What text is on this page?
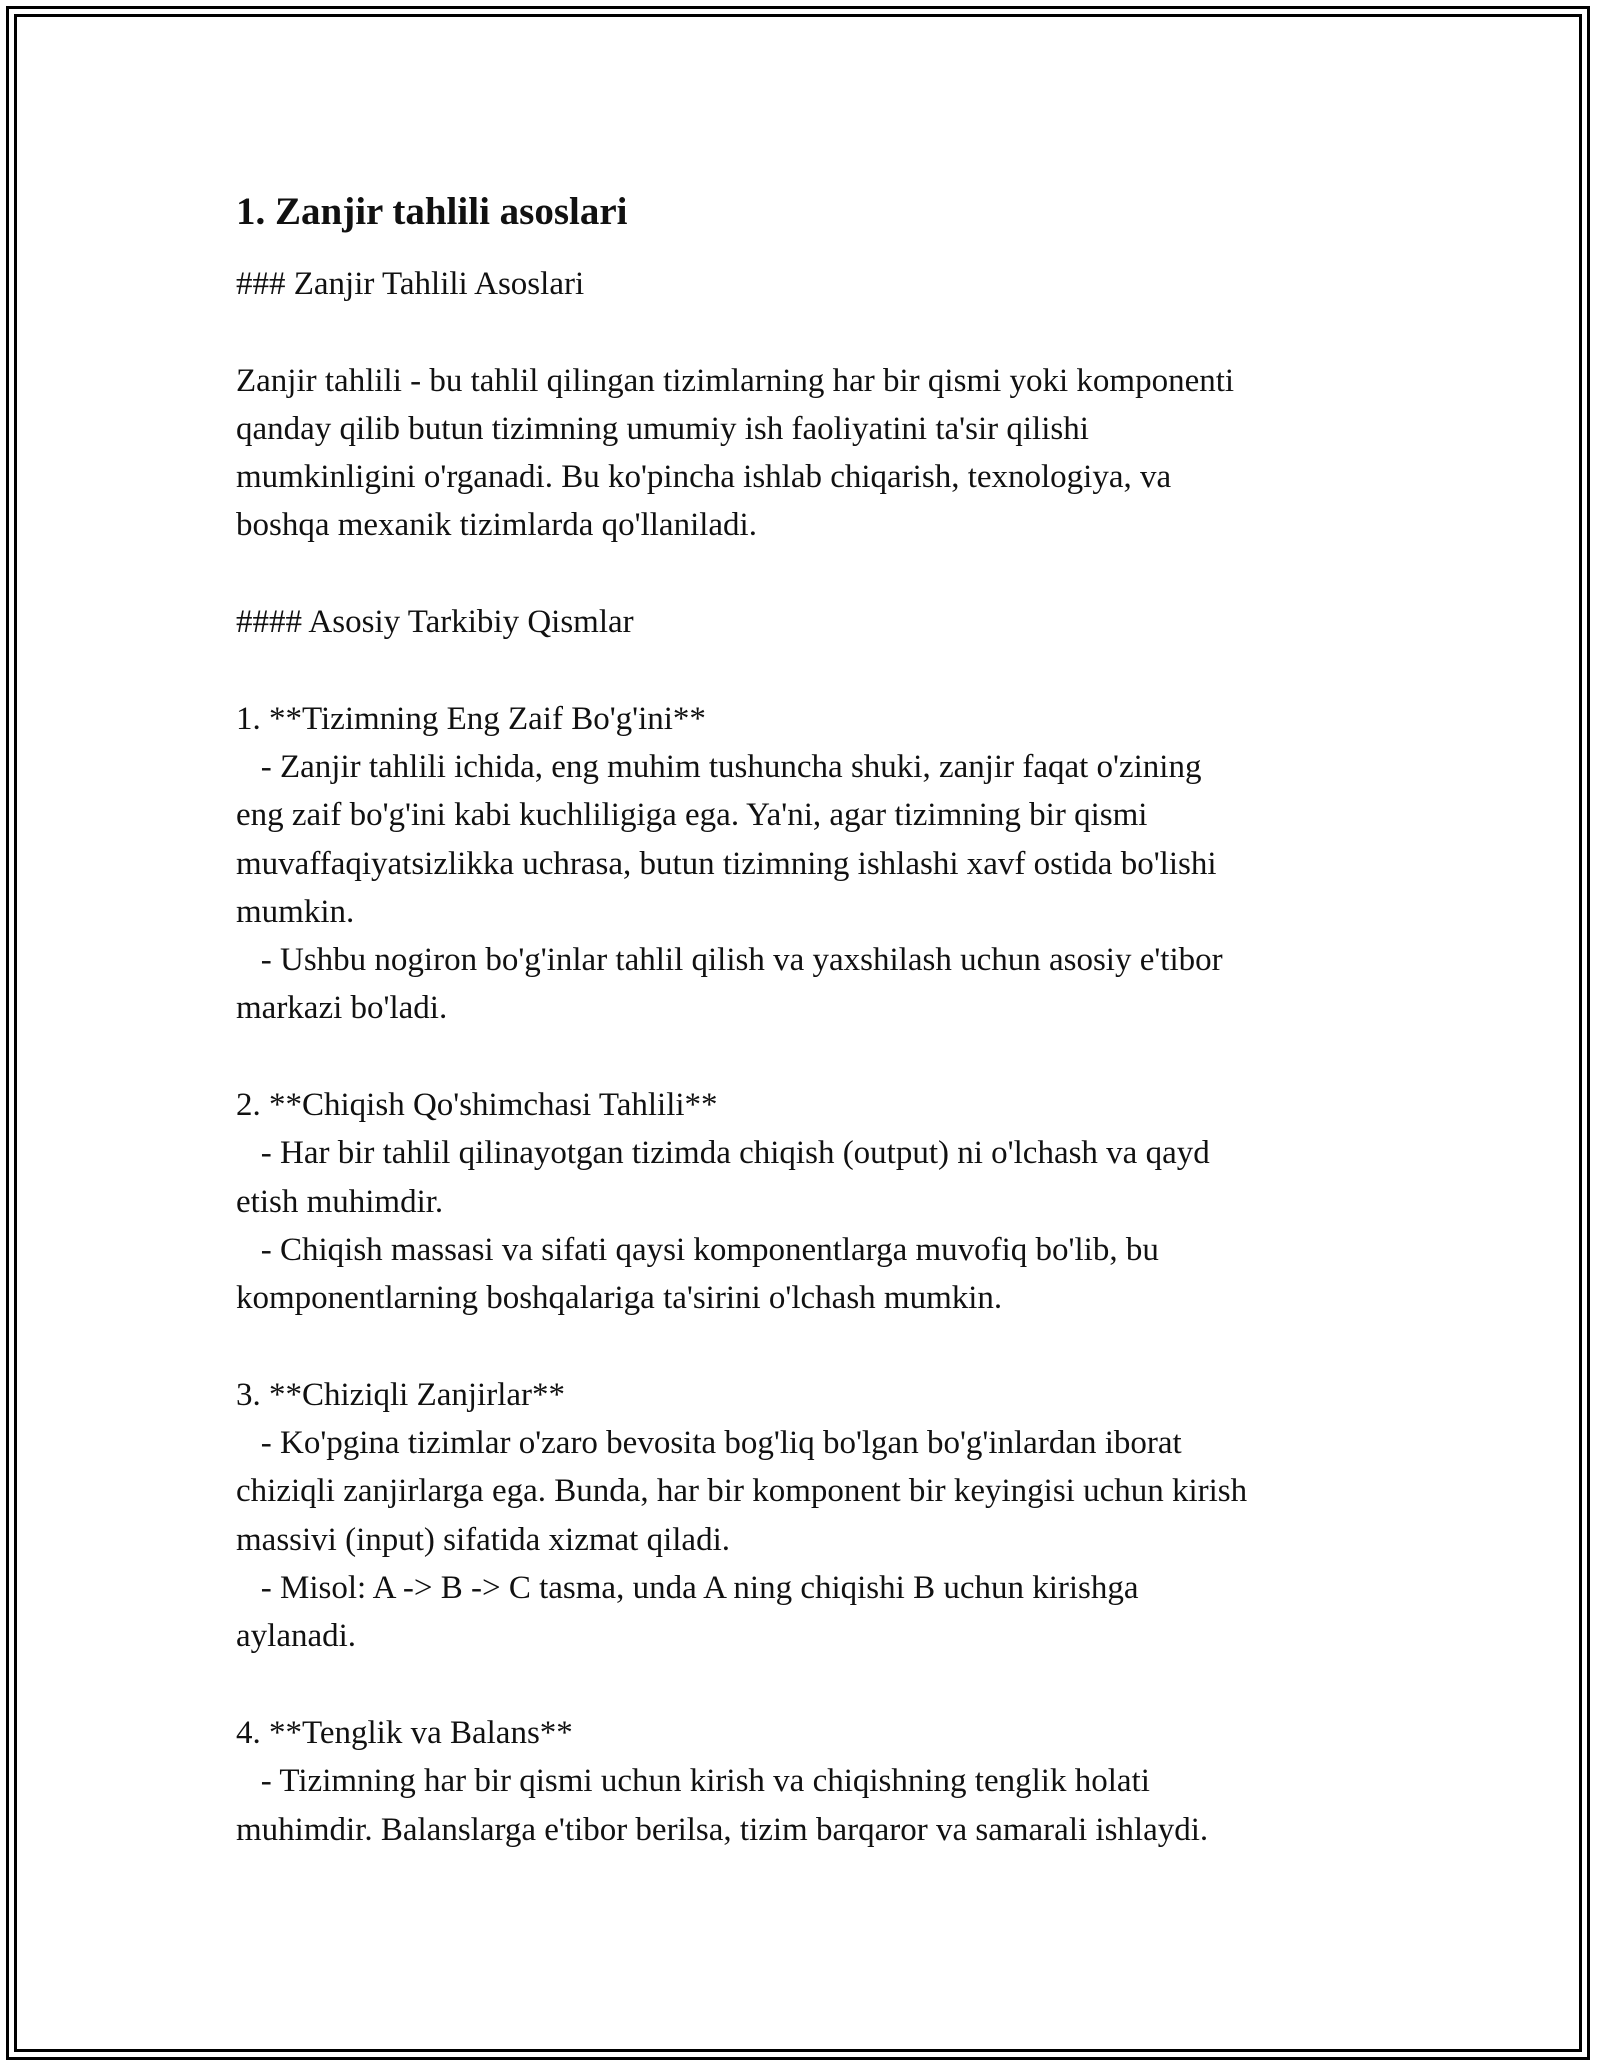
1. Zanjir tahlili asoslari

### Zanjir Tahlili Asoslari

Zanjir tahlili - bu tahlil qilingan tizimlarning har bir qismi yoki komponenti

qanday qilib butun tizimning umumiy ish faoliyatini ta'sir qilishi

mumkinligini o'rganadi. Bu ko'pincha ishlab chiqarish, texnologiya, va

boshqa mexanik tizimlarda qo'llaniladi.

#### Asosiy Tarkibiy Qismlar

1. **Tizimning Eng Zaif Bo'g'ini**

- Zanjir tahlili ichida, eng muhim tushuncha shuki, zanjir faqat o'zining

eng zaif bo'g'ini kabi kuchliligiga ega. Ya'ni, agar tizimning bir qismi

muvaffaqiyatsizlikka uchrasa, butun tizimning ishlashi xavf ostida bo'lishi

mumkin.

- Ushbu nogiron bo'g'inlar tahlil qilish va yaxshilash uchun asosiy e'tibor

markazi bo'ladi.

2. **Chiqish Qo'shimchasi Tahlili**

- Har bir tahlil qilinayotgan tizimda chiqish (output) ni o'lchash va qayd

etish muhimdir.

- Chiqish massasi va sifati qaysi komponentlarga muvofiq bo'lib, bu

komponentlarning boshqalariga ta'sirini o'lchash mumkin.

3. **Chiziqli Zanjirlar**

- Ko'pgina tizimlar o'zaro bevosita bog'liq bo'lgan bo'g'inlardan iborat

chiziqli zanjirlarga ega. Bunda, har bir komponent bir keyingisi uchun kirish

massivi (input) sifatida xizmat qiladi.

- Misol: A -> B -> C tasma, unda A ning chiqishi B uchun kirishga

aylanadi.

4. **Tenglik va Balans**

- Tizimning har bir qismi uchun kirish va chiqishning tenglik holati

muhimdir. Balanslarga e'tibor berilsa, tizim barqaror va samarali ishlaydi.
